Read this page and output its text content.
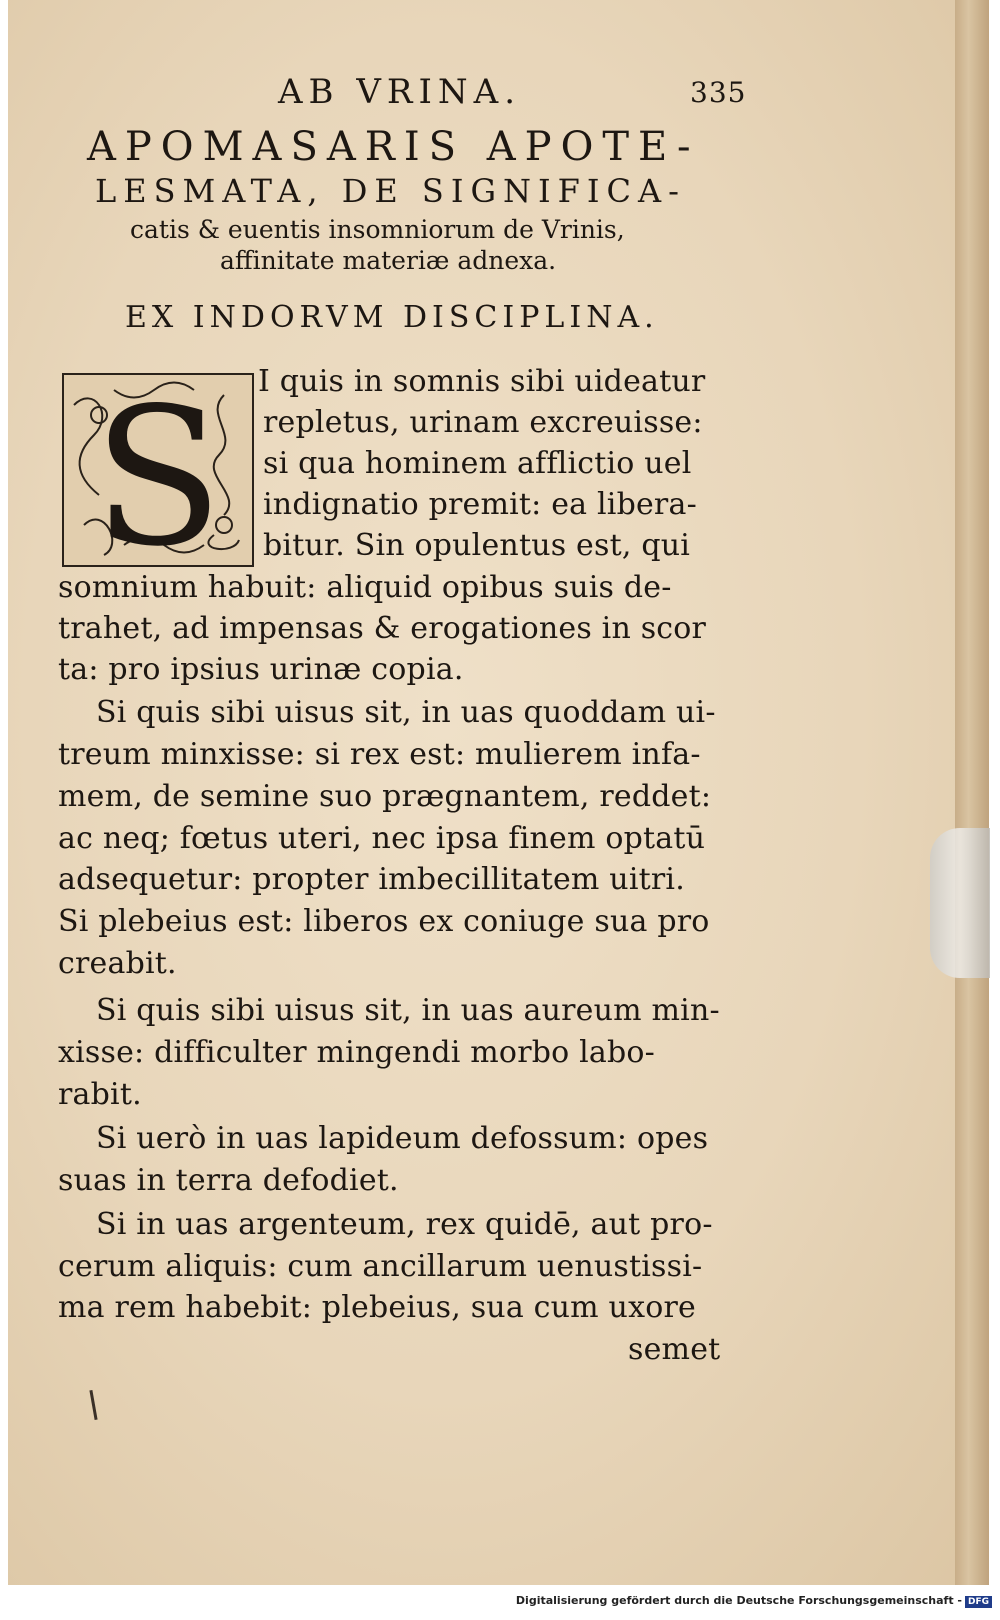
AB VRINA.	335
APOMASARIS APOTE-
LESMATA, DE SIGNIFICA-
catis & euentis insomniorum de Vrinis,
affinitate materiæ adnexa.
EX INDORVM DISCIPLINA.
S I quis in somnis sibi uideatur
repletus, urinam excreuisse:
si qua hominem afflictio uel
indignatio premit: ea libera-
bitur. Sin opulentus est, qui
somnium habuit: aliquid opibus suis de-
trahet, ad impensas & erogationes in scor
ta: pro ipsius urinæ copia.
Si quis sibi uisus sit, in uas quoddam ui-
treum minxisse: si rex est: mulierem infa-
mem, de semine suo prægnantem, reddet:
ac neq; fœtus uteri, nec ipsa finem optatū
adsequetur: propter imbecillitatem uitri.
Si plebeius est: liberos ex coniuge sua pro
creabit.
Si quis sibi uisus sit, in uas aureum min-
xisse: difficulter mingendi morbo labo-
rabit.
Si uerò in uas lapideum defossum: opes
suas in terra defodiet.
Si in uas argenteum, rex quidē, aut pro-
cerum aliquis: cum ancillarum uenustissi-
ma rem habebit: plebeius, sua cum uxore
semet
Digitalisierung gefördert durch die Deutsche Forschungsgemeinschaft - DFG
